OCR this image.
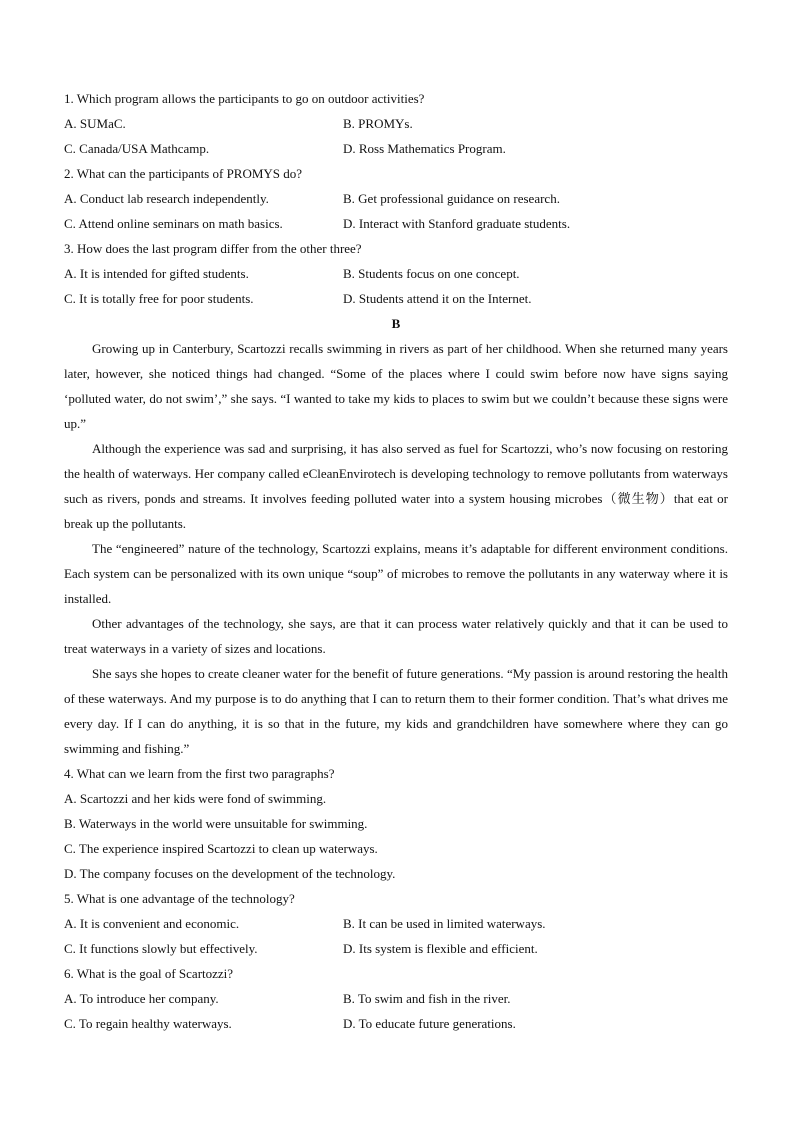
1. Which program allows the participants to go on outdoor activities?
A. SUMaC.	B. PROMYs.
C. Canada/USA Mathcamp.	D. Ross Mathematics Program.
2. What can the participants of PROMYS do?
A. Conduct lab research independently.	B. Get professional guidance on research.
C. Attend online seminars on math basics.	D. Interact with Stanford graduate students.
3. How does the last program differ from the other three?
A. It is intended for gifted students.	B. Students focus on one concept.
C. It is totally free for poor students.	D. Students attend it on the Internet.
B

Growing up in Canterbury, Scartozzi recalls swimming in rivers as part of her childhood. When she returned many years later, however, she noticed things had changed. “Some of the places where I could swim before now have signs saying ‘polluted water, do not swim’,” she says. “I wanted to take my kids to places to swim but we couldn’t because these signs were up.”

Although the experience was sad and surprising, it has also served as fuel for Scartozzi, who’s now focusing on restoring the health of waterways. Her company called eCleanEnvirotech is developing technology to remove pollutants from waterways such as rivers, ponds and streams. It involves feeding polluted water into a system housing microbes（微生物）that eat or break up the pollutants.

The “engineered” nature of the technology, Scartozzi explains, means it’s adaptable for different environment conditions. Each system can be personalized with its own unique “soup” of microbes to remove the pollutants in any waterway where it is installed.

Other advantages of the technology, she says, are that it can process water relatively quickly and that it can be used to treat waterways in a variety of sizes and locations.

She says she hopes to create cleaner water for the benefit of future generations. “My passion is around restoring the health of these waterways. And my purpose is to do anything that I can to return them to their former condition. That’s what drives me every day. If I can do anything, it is so that in the future, my kids and grandchildren have somewhere where they can go swimming and fishing.”

4. What can we learn from the first two paragraphs?
A. Scartozzi and her kids were fond of swimming.
B. Waterways in the world were unsuitable for swimming.
C. The experience inspired Scartozzi to clean up waterways.
D. The company focuses on the development of the technology.
5. What is one advantage of the technology?
A. It is convenient and economic.	B. It can be used in limited waterways.
C. It functions slowly but effectively.	D. Its system is flexible and efficient.
6. What is the goal of Scartozzi?
A. To introduce her company.	B. To swim and fish in the river.
C. To regain healthy waterways.	D. To educate future generations.
